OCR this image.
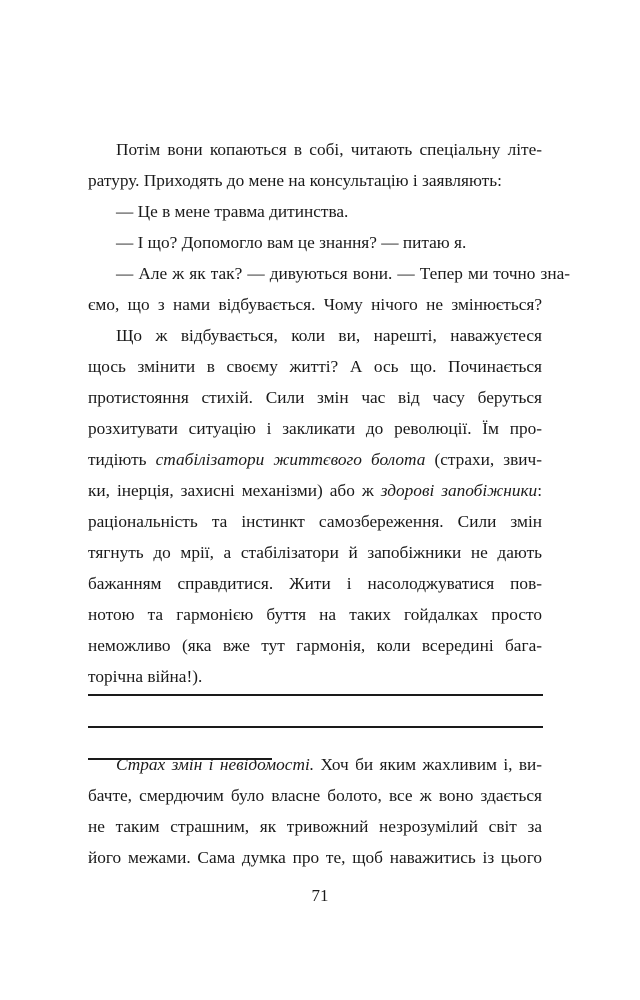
Потім вони копаються в собі, читають спеціальну літе-
ратуру. Приходять до мене на консультацію і заявляють:
— Це в мене травма дитинства.
— І що? Допомогло вам це знання? — питаю я.
— Але ж як так? — дивуються вони. — Тепер ми точно зна-
ємо, що з нами відбувається. Чому нічого не змінюється?
Що ж відбувається, коли ви, нарешті, наважуєтеся
щось змінити в своєму житті? А ось що. Починається
протистояння стихій. Сили змін час від часу беруться
розхитувати ситуацію і закликати до революції. Їм про-
тидіють стабілізатори життєвого болота (страхи, звич-
ки, інерція, захисні механізми) або ж здорові запобіжники:
раціональність та інстинкт самозбереження. Сили змін
тягнуть до мрії, а стабілізатори й запобіжники не дають
бажанням справдитися. Жити і насолоджуватися пов-
нотою та гармонією буття на таких гойдалках просто
неможливо (яка вже тут гармонія, коли всередині бага-
торічна війна!).
Страх змін і невідомості. Хоч би яким жахливим і, ви-
бачте, смердючим було власне болото, все ж воно здається
не таким страшним, як тривожний незрозумілий світ за
його межами. Сама думка про те, щоб наважитись із цього
71
